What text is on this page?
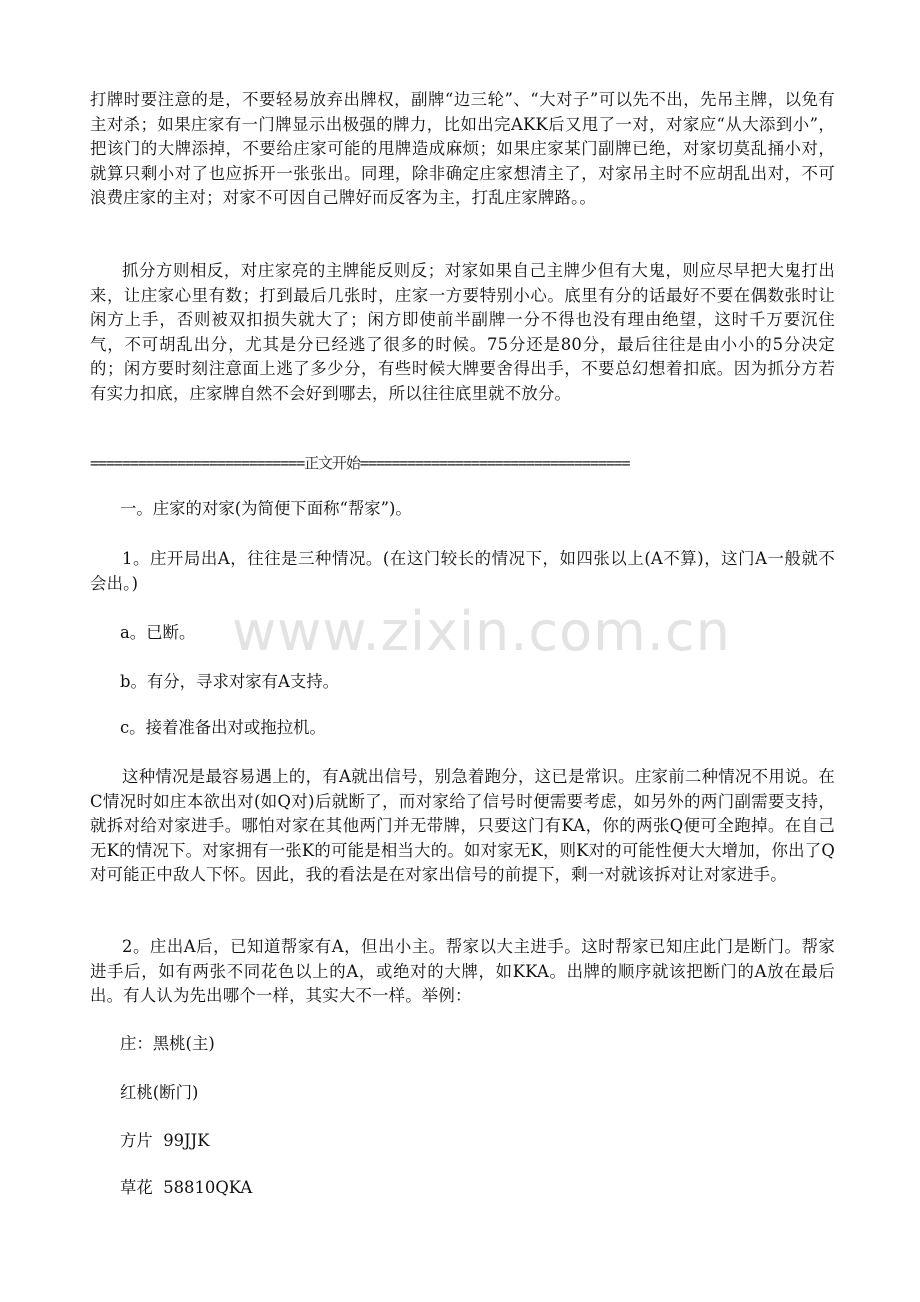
打牌时要注意的是，不要轻易放弃出牌权，副牌“边三轮”、“大对子”可以先不出，先吊主牌，以免有主对杀；如果庄家有一门牌显示出极强的牌力，比如出完AKK后又甩了一对，对家应“从大添到小”，把该门的大牌添掉，不要给庄家可能的甩牌造成麻烦；如果庄家某门副牌已绝，对家切莫乱捅小对，就算只剩小对了也应拆开一张张出。同理，除非确定庄家想清主了，对家吊主时不应胡乱出对，不可浪费庄家的主对；对家不可因自己牌好而反客为主，打乱庄家牌路。。

抓分方则相反，对庄家亮的主牌能反则反；对家如果自己主牌少但有大鬼，则应尽早把大鬼打出来，让庄家心里有数；打到最后几张时，庄家一方要特别小心。底里有分的话最好不要在偶数张时让闲方上手，否则被双扣损失就大了；闲方即使前半副牌一分不得也没有理由绝望，这时千万要沉住气，不可胡乱出分，尤其是分已经逃了很多的时候。75分还是80分，最后往往是由小小的5分决定的；闲方要时刻注意面上逃了多少分，有些时候大牌要舍得出手，不要总幻想着扣底。因为抓分方若有实力扣底，庄家牌自然不会好到哪去，所以往往底里就不放分。

===========================正文开始==================================

一。庄家的对家(为简便下面称“帮家”)。

1。庄开局出A，往往是三种情况。(在这门较长的情况下，如四张以上(A不算)，这门A一般就不会出。)

a。已断。

b。有分，寻求对家有A支持。

c。接着准备出对或拖拉机。

这种情况是最容易遇上的，有A就出信号，别急着跑分，这已是常识。庄家前二种情况不用说。在C情况时如庄本欲出对(如Q对)后就断了，而对家给了信号时便需要考虑，如另外的两门副需要支持，就拆对给对家进手。哪怕对家在其他两门并无带牌，只要这门有KA，你的两张Q便可全跑掉。在自己无K的情况下。对家拥有一张K的可能是相当大的。如对家无K，则K对的可能性便大大增加，你出了Q对可能正中敌人下怀。因此，我的看法是在对家出信号的前提下，剩一对就该拆对让对家进手。

2。庄出A后，已知道帮家有A，但出小主。帮家以大主进手。这时帮家已知庄此门是断门。帮家进手后，如有两张不同花色以上的A，或绝对的大牌，如KKA。出牌的顺序就该把断门的A放在最后出。有人认为先出哪个一样，其实大不一样。举例：

庄：黑桃(主)

红桃(断门)

方片  99JJK

草花  58810QKA

www.zixin.com.cn
